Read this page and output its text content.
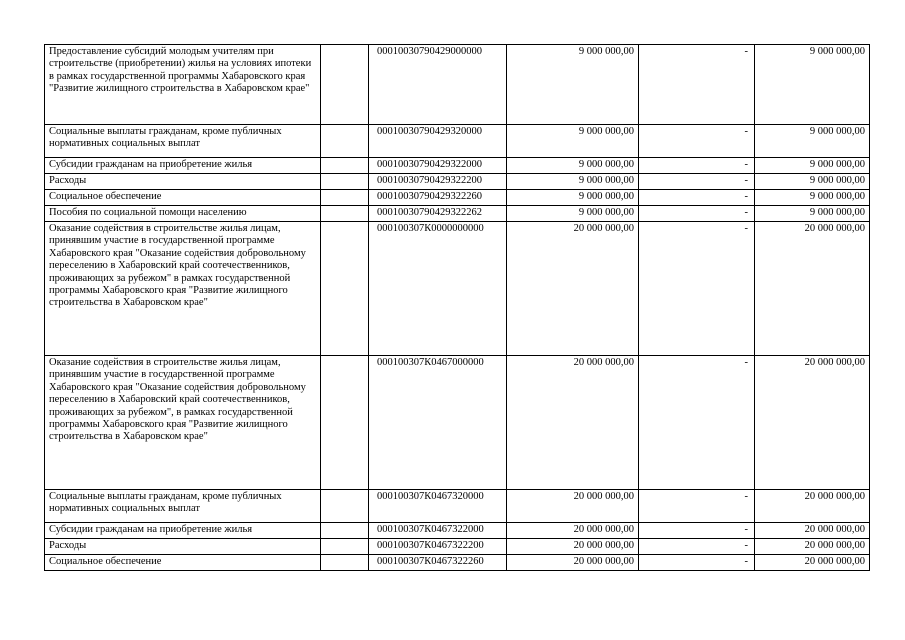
Предоставление субсидий молодым учителям при строительстве (приобретении) жилья на условиях ипотеки в рамках государственной программы Хабаровского края "Развитие жилищного строительства в Хабаровском крае"		00010030790429000000	9 000 000,00	-	9 000 000,00
Социальные выплаты гражданам, кроме публичных нормативных социальных выплат		00010030790429320000	9 000 000,00	-	9 000 000,00
Субсидии гражданам на приобретение жилья		00010030790429322000	9 000 000,00	-	9 000 000,00
Расходы		00010030790429322200	9 000 000,00	-	9 000 000,00
Социальное обеспечение		00010030790429322260	9 000 000,00	-	9 000 000,00
Пособия по социальной помощи населению		00010030790429322262	9 000 000,00	-	9 000 000,00
Оказание содействия в строительстве жилья лицам, принявшим участие в государственной программе Хабаровского края "Оказание содействия добровольному переселению в Хабаровский край соотечественников, проживающих за рубежом" в рамках государственной программы Хабаровского края "Развитие жилищного строительства в Хабаровском крае"		000100307К0000000000	20 000 000,00	-	20 000 000,00
Оказание содействия в строительстве жилья лицам, принявшим участие в государственной программе Хабаровского края "Оказание содействия добровольному переселению в Хабаровский край соотечественников, проживающих за рубежом", в рамках государственной программы Хабаровского края "Развитие жилищного строительства в Хабаровском крае"		000100307К0467000000	20 000 000,00	-	20 000 000,00
Социальные выплаты гражданам, кроме публичных нормативных социальных выплат		000100307К0467320000	20 000 000,00	-	20 000 000,00
Субсидии гражданам на приобретение жилья		000100307К0467322000	20 000 000,00	-	20 000 000,00
Расходы		000100307К0467322200	20 000 000,00	-	20 000 000,00
Социальное обеспечение		000100307К0467322260	20 000 000,00	-	20 000 000,00
